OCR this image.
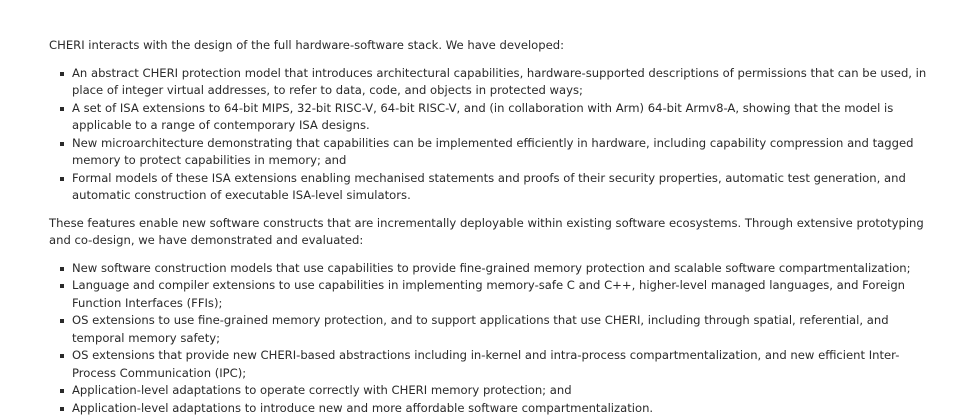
CHERI interacts with the design of the full hardware-software stack. We have developed:

An abstract CHERI protection model that introduces architectural capabilities, hardware-supported descriptions of permissions that can be used, in place of integer virtual addresses, to refer to data, code, and objects in protected ways;
A set of ISA extensions to 64-bit MIPS, 32-bit RISC-V, 64-bit RISC-V, and (in collaboration with Arm) 64-bit Armv8-A, showing that the model is applicable to a range of contemporary ISA designs.
New microarchitecture demonstrating that capabilities can be implemented efficiently in hardware, including capability compression and tagged memory to protect capabilities in memory; and
Formal models of these ISA extensions enabling mechanised statements and proofs of their security properties, automatic test generation, and automatic construction of executable ISA-level simulators.

These features enable new software constructs that are incrementally deployable within existing software ecosystems. Through extensive prototyping and co-design, we have demonstrated and evaluated:

New software construction models that use capabilities to provide fine-grained memory protection and scalable software compartmentalization;
Language and compiler extensions to use capabilities in implementing memory-safe C and C++, higher-level managed languages, and Foreign Function Interfaces (FFIs);
OS extensions to use fine-grained memory protection, and to support applications that use CHERI, including through spatial, referential, and temporal memory safety;
OS extensions that provide new CHERI-based abstractions including in-kernel and intra-process compartmentalization, and new efficient Inter-Process Communication (IPC);
Application-level adaptations to operate correctly with CHERI memory protection; and
Application-level adaptations to introduce new and more affordable software compartmentalization.
